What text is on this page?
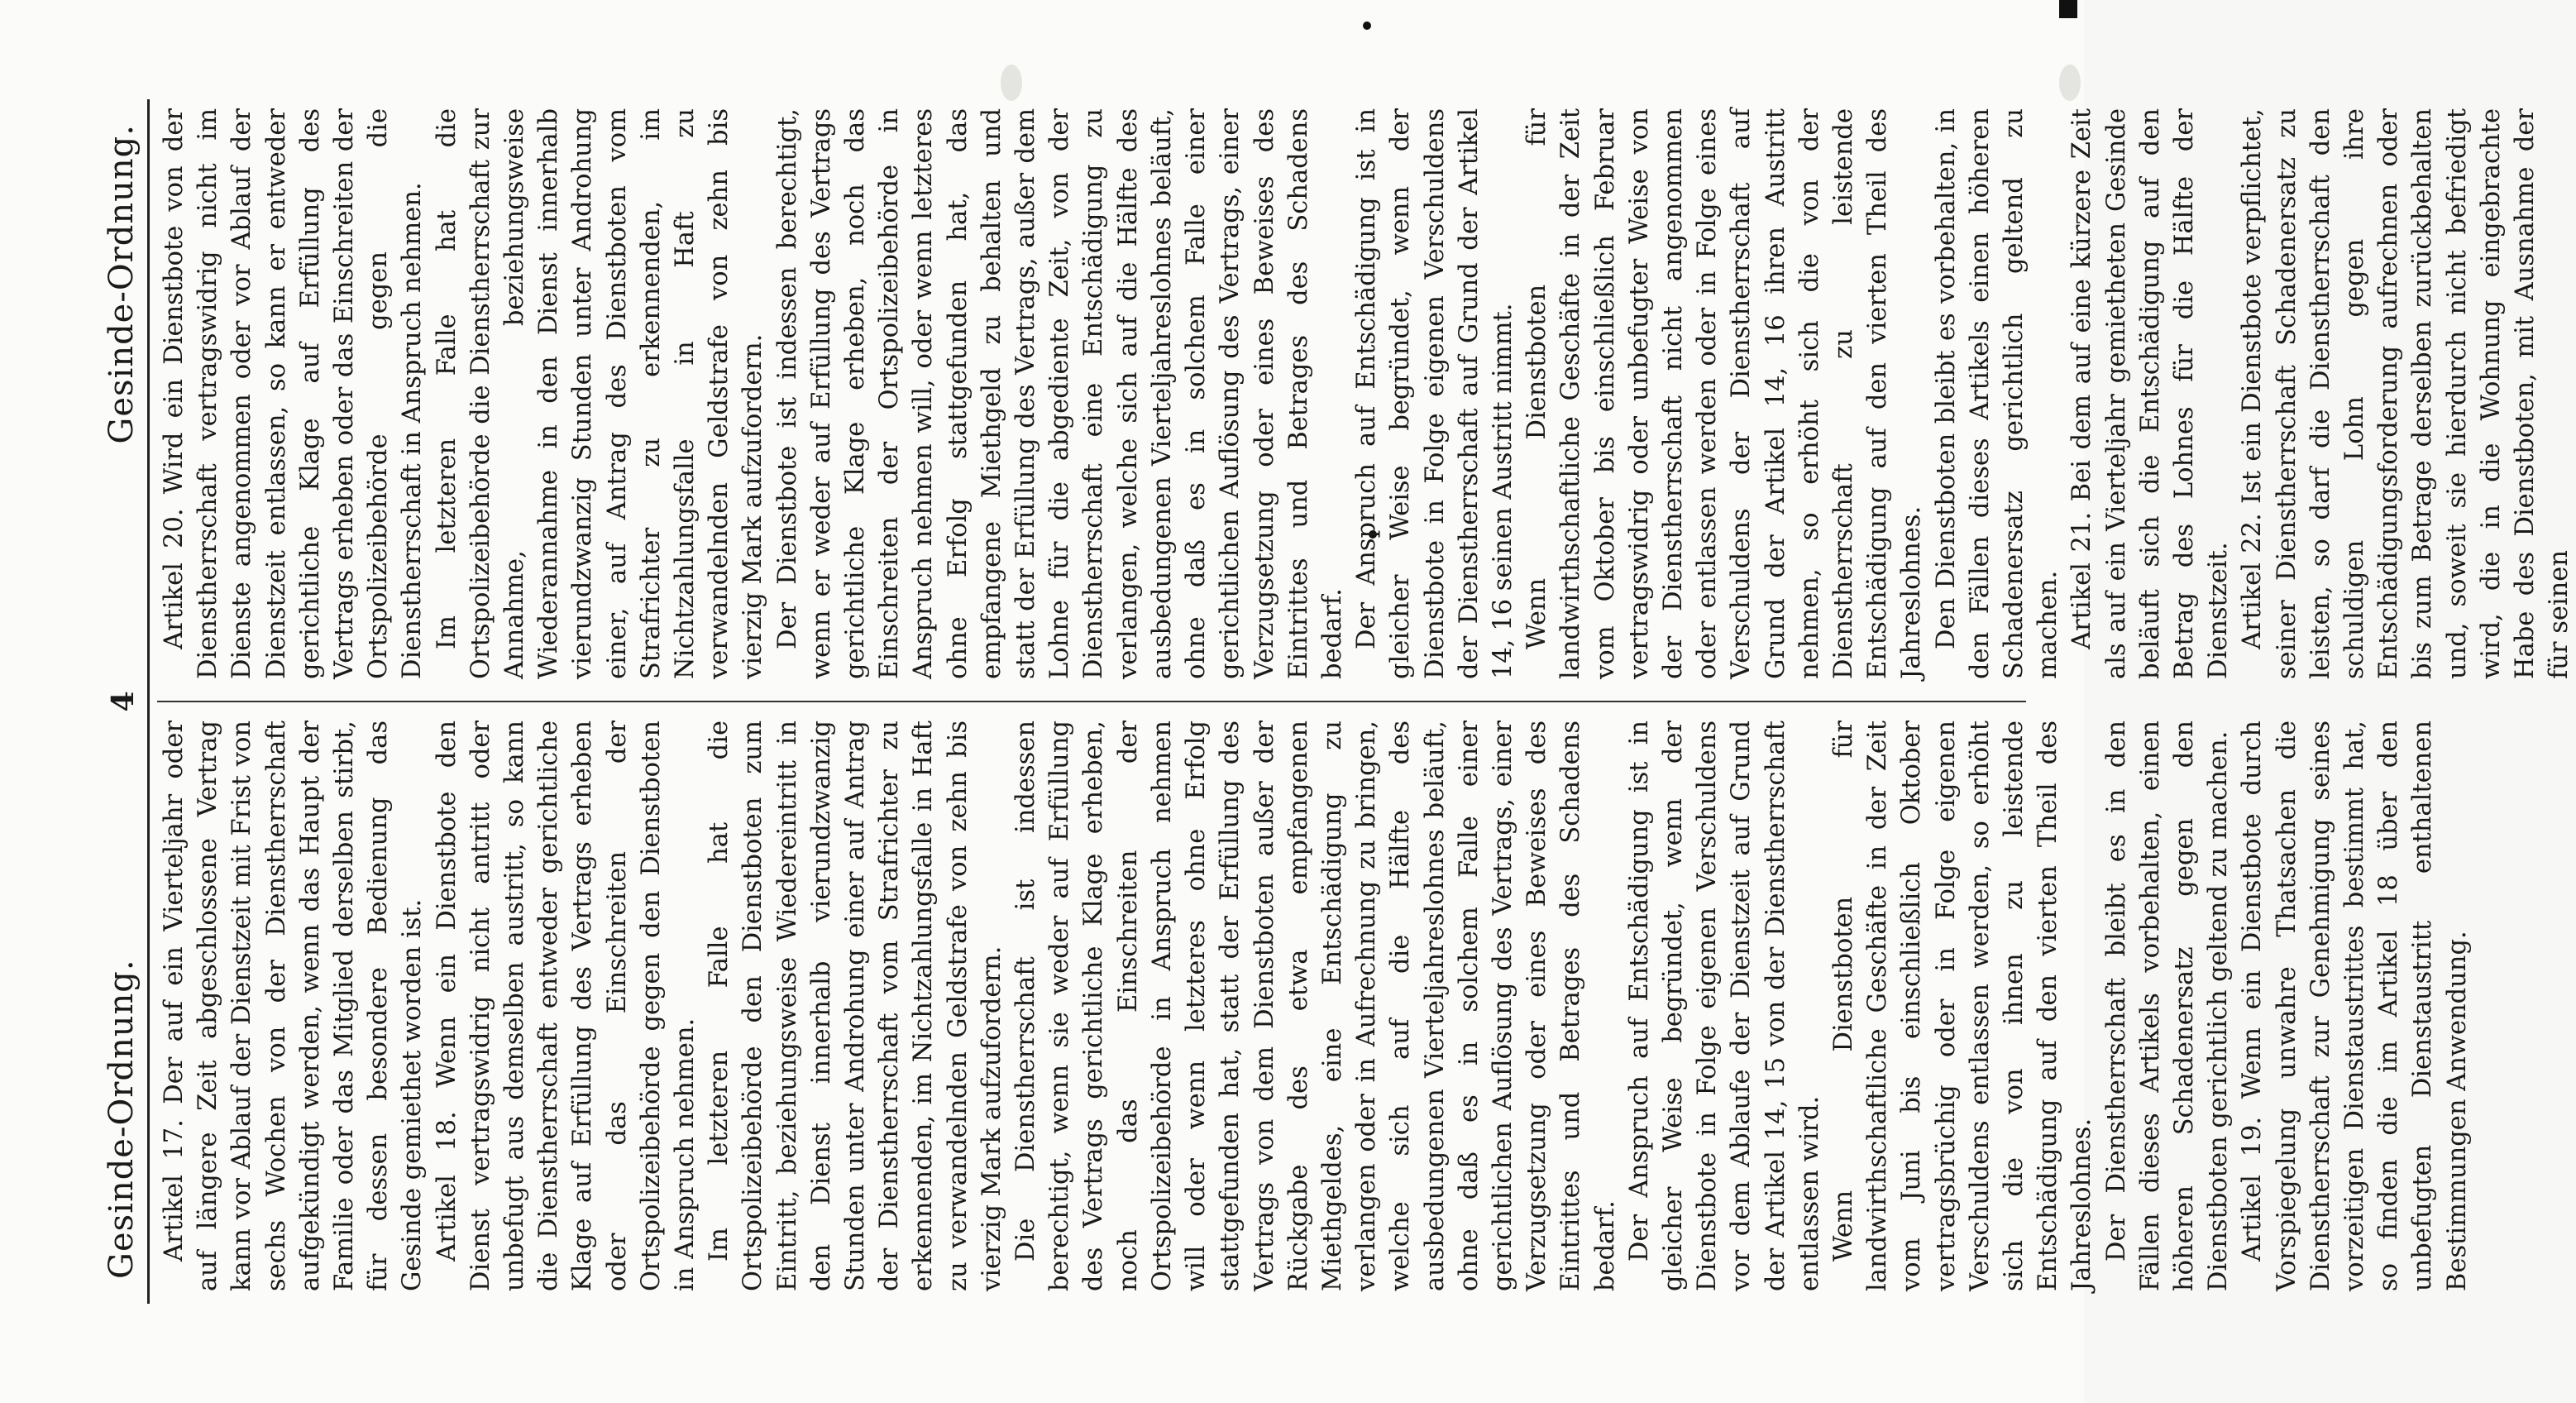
Gesinde-Ordnung.
4
Gesinde-Ordnung.

Artikel 17. Der auf ein Vierteljahr oder auf längere Zeit abgeschlossene Vertrag kann vor Ablauf der Dienstzeit mit Frist von sechs Wochen von der Dienstherrschaft aufgekündigt werden, wenn das Haupt der Familie oder das Mitglied derselben stirbt, für dessen besondere Bedienung das Gesinde gemiethet worden ist. Artikel 18. Wenn ein Dienstbote den Dienst vertragswidrig nicht antritt oder unbefugt aus demselben austritt, so kann die Dienstherrschaft entweder gerichtliche Klage auf Erfüllung des Vertrags erheben oder das Einschreiten der Ortspolizeibehörde gegen den Dienstboten in Anspruch nehmen. Im letzteren Falle hat die Ortspolizeibehörde den Dienstboten zum Eintritt, beziehungsweise Wiedereintritt in den Dienst innerhalb vierundzwanzig Stunden unter Androhung einer auf Antrag der Dienstherrschaft vom Strafrichter zu erkennenden, im Nichtzahlungsfalle in Haft zu verwandelnden Geldstrafe von zehn bis vierzig Mark aufzufordern. Die Dienstherrschaft ist indessen berechtigt, wenn sie weder auf Erfüllung des Vertrags gerichtliche Klage erheben, noch das Einschreiten der Ortspolizeibehörde in Anspruch nehmen will oder wenn letzteres ohne Erfolg stattgefunden hat, statt der Erfüllung des Vertrags von dem Dienstboten außer der Rückgabe des etwa empfangenen Miethgeldes, eine Entschädigung zu verlangen oder in Aufrechnung zu bringen, welche sich auf die Hälfte des ausbedungenen Vierteljahreslohnes beläuft, ohne daß es in solchem Falle einer gerichtlichen Auflösung des Vertrags, einer Verzugsetzung oder eines Beweises des Eintrittes und Betrages des Schadens bedarf. Der Anspruch auf Entschädigung ist in gleicher Weise begründet, wenn der Dienstbote in Folge eigenen Verschuldens vor dem Ablaufe der Dienstzeit auf Grund der Artikel 14, 15 von der Dienstherrschaft entlassen wird. Wenn Dienstboten für landwirthschaftliche Geschäfte in der Zeit vom Juni bis einschließlich Oktober vertragsbrüchig oder in Folge eigenen Verschuldens entlassen werden, so erhöht sich die von ihnen zu leistende Entschädigung auf den vierten Theil des Jahreslohnes. Der Dienstherrschaft bleibt es in den Fällen dieses Artikels vorbehalten, einen höheren Schadenersatz gegen den Dienstboten gerichtlich geltend zu machen. Artikel 19. Wenn ein Dienstbote durch Vorspiegelung unwahre Thatsachen die Dienstherrschaft zur Genehmigung seines vorzeitigen Dienstaustrittes bestimmt hat, so finden die im Artikel 18 über den unbefugten Dienstaustritt enthaltenen Bestimmungen Anwendung.

Artikel 20. Wird ein Dienstbote von der Dienstherrschaft vertragswidrig nicht im Dienste angenommen oder vor Ablauf der Dienstzeit entlassen, so kann er entweder gerichtliche Klage auf Erfüllung des Vertrags erheben oder das Einschreiten der Ortspolizeibehörde gegen die Dienstherrschaft in Anspruch nehmen. Im letzteren Falle hat die Ortspolizeibehörde die Dienstherrschaft zur Annahme, beziehungsweise Wiederannahme in den Dienst innerhalb vierundzwanzig Stunden unter Androhung einer, auf Antrag des Dienstboten vom Strafrichter zu erkennenden, im Nichtzahlungsfalle in Haft zu verwandelnden Geldstrafe von zehn bis vierzig Mark aufzufordern. Der Dienstbote ist indessen berechtigt, wenn er weder auf Erfüllung des Vertrags gerichtliche Klage erheben, noch das Einschreiten der Ortspolizeibehörde in Anspruch nehmen will, oder wenn letzteres ohne Erfolg stattgefunden hat, das empfangene Miethgeld zu behalten und statt der Erfüllung des Vertrags, außer dem Lohne für die abgediente Zeit, von der Dienstherrschaft eine Entschädigung zu verlangen, welche sich auf die Hälfte des ausbedungenen Vierteljahreslohnes beläuft, ohne daß es in solchem Falle einer gerichtlichen Auflösung des Vertrags, einer Verzugsetzung oder eines Beweises des Eintrittes und Betrages des Schadens bedarf. Der Anspruch auf Entschädigung ist in gleicher Weise begründet, wenn der Dienstbote in Folge eigenen Verschuldens der Dienstherrschaft auf Grund der Artikel 14, 16 seinen Austritt nimmt. Wenn Dienstboten für landwirthschaftliche Geschäfte in der Zeit vom Oktober bis einschließlich Februar vertragswidrig oder unbefugter Weise von der Dienstherrschaft nicht angenommen oder entlassen werden oder in Folge eines Verschuldens der Dienstherrschaft auf Grund der Artikel 14, 16 ihren Austritt nehmen, so erhöht sich die von der Dienstherrschaft zu leistende Entschädigung auf den vierten Theil des Jahreslohnes. Den Dienstboten bleibt es vorbehalten, in den Fällen dieses Artikels einen höheren Schadenersatz gerichtlich geltend zu machen. Artikel 21. Bei dem auf eine kürzere Zeit als auf ein Vierteljahr gemietheten Gesinde beläuft sich die Entschädigung auf den Betrag des Lohnes für die Hälfte der Dienstzeit. Artikel 22. Ist ein Dienstbote verpflichtet, seiner Dienstherrschaft Schadenersatz zu leisten, so darf die Dienstherrschaft den schuldigen Lohn gegen ihre Entschädigungsforderung aufrechnen oder bis zum Betrage derselben zurückbehalten und, soweit sie hierdurch nicht befriedigt wird, die in die Wohnung eingebrachte Habe des Dienstboten, mit Ausnahme der für seinen
